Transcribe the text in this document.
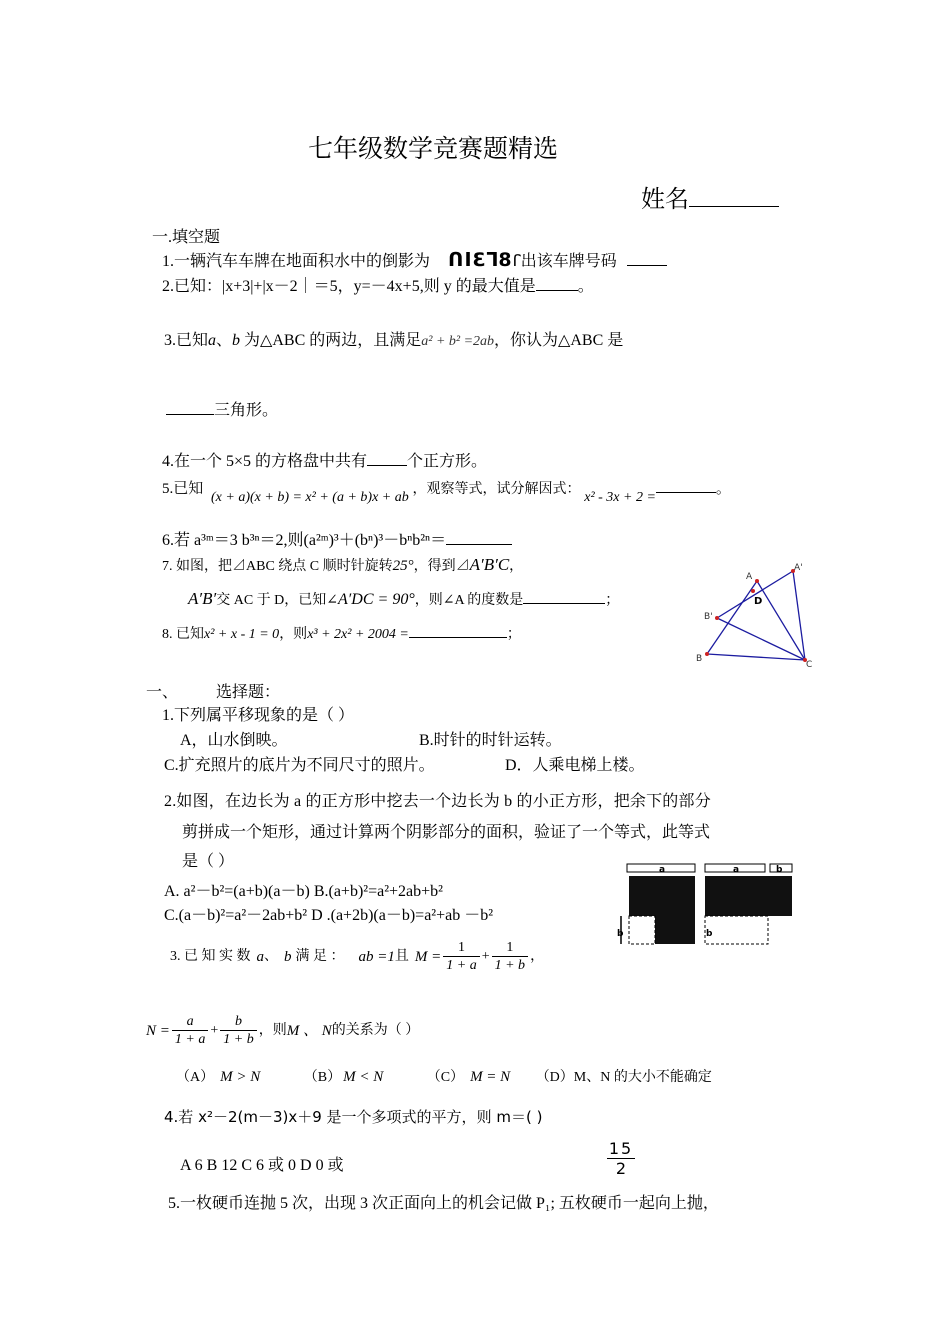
七年级数学竞赛题精选
姓名
一.填空题
1.一辆汽车车牌在地面积水中的倒影为 ꓵꓲƐꓶ8ꓩ出该车牌号码
2.已知：|x+3|+|x－2｜＝5，y=－4x+5,则 y 的最大值是	。
3.已知a、b 为△ABC 的两边，且满足a² + b² =2ab，你认为△ABC 是
三角形。
4.在一个 5×5 的方格盘中共有	个正方形。
5.已知 (x + a)(x + b) = x² + (a + b)x + ab ，观察等式，试分解因式： x² - 3x + 2 =。
6.若 a³ᵐ＝3 b³ⁿ＝2,则(a²ᵐ)³＋(bⁿ)³－bⁿb²ⁿ＝
7. 如图，把⊿ABC 绕点 C 顺时针旋转25°，得到⊿A′B′C，
A′B′交 AC 于 D，已知∠A′DC = 90°，则∠A 的度数是	；
8. 已知x² + x - 1 = 0，则x³ + 2x² + 2004 =	；
A
A'
B'
D
B
C
一、 选择题：
1.下列属平移现象的是（ ）
A，山水倒映。	B.时针的时针运转。
C.扩充照片的底片为不同尺寸的照片。	D．人乘电梯上楼。
2.如图，在边长为 a 的正方形中挖去一个边长为 b 的小正方形，把余下的部分
剪拼成一个矩形，通过计算两个阴影部分的面积，验证了一个等式，此等式
是（ ）
A. a²－b²=(a+b)(a－b) B.(a+b)²=a²+2ab+b²
C.(a－b)²=a²－2ab+b² D .(a+2b)(a－b)=a²+ab －b²
a
b
a	b
b
3. 已 知 实 数 a 、 b 满 足 ： ab =1 且 $M = \frac{1}{1 + a} + \frac{1}{1 + b}$ ，
$N = \frac{a}{1 + a} + \frac{b}{1 + b}$ ，则 M 、 N 的关系为（ ）
（A） M > N	（B） M < N	（C） M = N （D）M、N 的大小不能确定
4.若 x²－2(m－3)x＋9 是一个多项式的平方，则 m＝( )
A 6 B 12 C 6 或 0 D 0 或	$\frac{15}{2}$
5.一枚硬币连抛 5 次，出现 3 次正面向上的机会记做 P₁; 五枚硬币一起向上抛，
